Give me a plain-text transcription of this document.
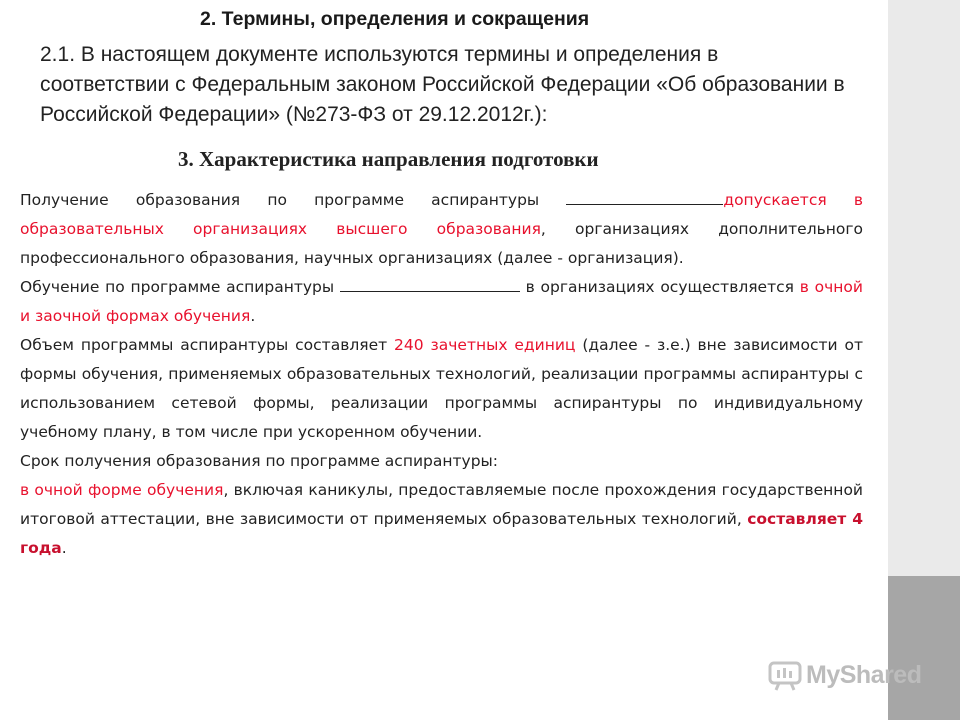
2. Термины, определения и сокращения
2.1. В настоящем документе используются термины и определения в соответствии с Федеральным законом Российской Федерации «Об образовании в Российской Федерации» (№273-ФЗ от 29.12.2012г.):
3. Характеристика направления подготовки

Получение образования по программе аспирантуры	допускается в образовательных организациях высшего образования, организациях дополнительного профессионального образования, научных организациях (далее - организация).

Обучение по программе аспирантуры	в организациях осуществляется в очной и заочной формах обучения.

Объем программы аспирантуры составляет 240 зачетных единиц (далее - з.е.) вне зависимости от формы обучения, применяемых образовательных технологий, реализации программы аспирантуры с использованием сетевой формы, реализации программы аспирантуры по индивидуальному учебному плану, в том числе при ускоренном обучении.

Срок получения образования по программе аспирантуры:

в очной форме обучения, включая каникулы, предоставляемые после прохождения государственной итоговой аттестации, вне зависимости от применяемых образовательных технологий, составляет 4 года.

MyShared
